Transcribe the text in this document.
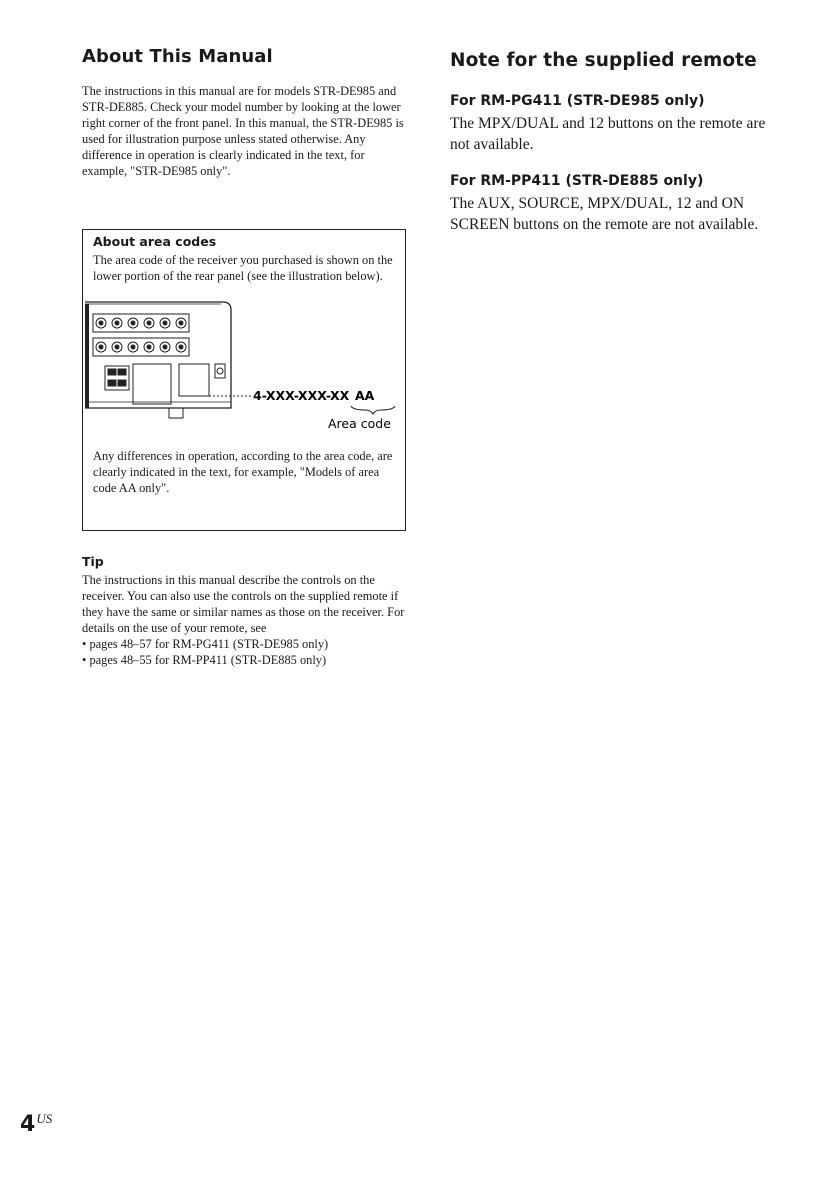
About This Manual

The instructions in this manual are for models STR-DE985 and STR-DE885. Check your model number by looking at the lower right corner of the front panel. In this manual, the STR-DE985 is used for illustration purpose unless stated otherwise. Any difference in operation is clearly indicated in the text, for example, "STR-DE985 only".

About area codes

The area code of the receiver you purchased is shown on the lower portion of the rear panel (see the illustration below).

4-XXX-XXX-XX AA
Area code

Any differences in operation, according to the area code, are clearly indicated in the text, for example, "Models of area code AA only".

Tip

The instructions in this manual describe the controls on the receiver. You can also use the controls on the supplied remote if they have the same or similar names as those on the receiver. For details on the use of your remote, see

• pages 48–57 for RM-PG411 (STR-DE985 only)
• pages 48–55 for RM-PP411 (STR-DE885 only)
Note for the supplied remote
For RM-PG411 (STR-DE985 only)

The MPX/DUAL and 12 buttons on the remote are not available.

For RM-PP411 (STR-DE885 only)

The AUX, SOURCE, MPX/DUAL, 12 and ON SCREEN buttons on the remote are not available.

$4^{US}$
